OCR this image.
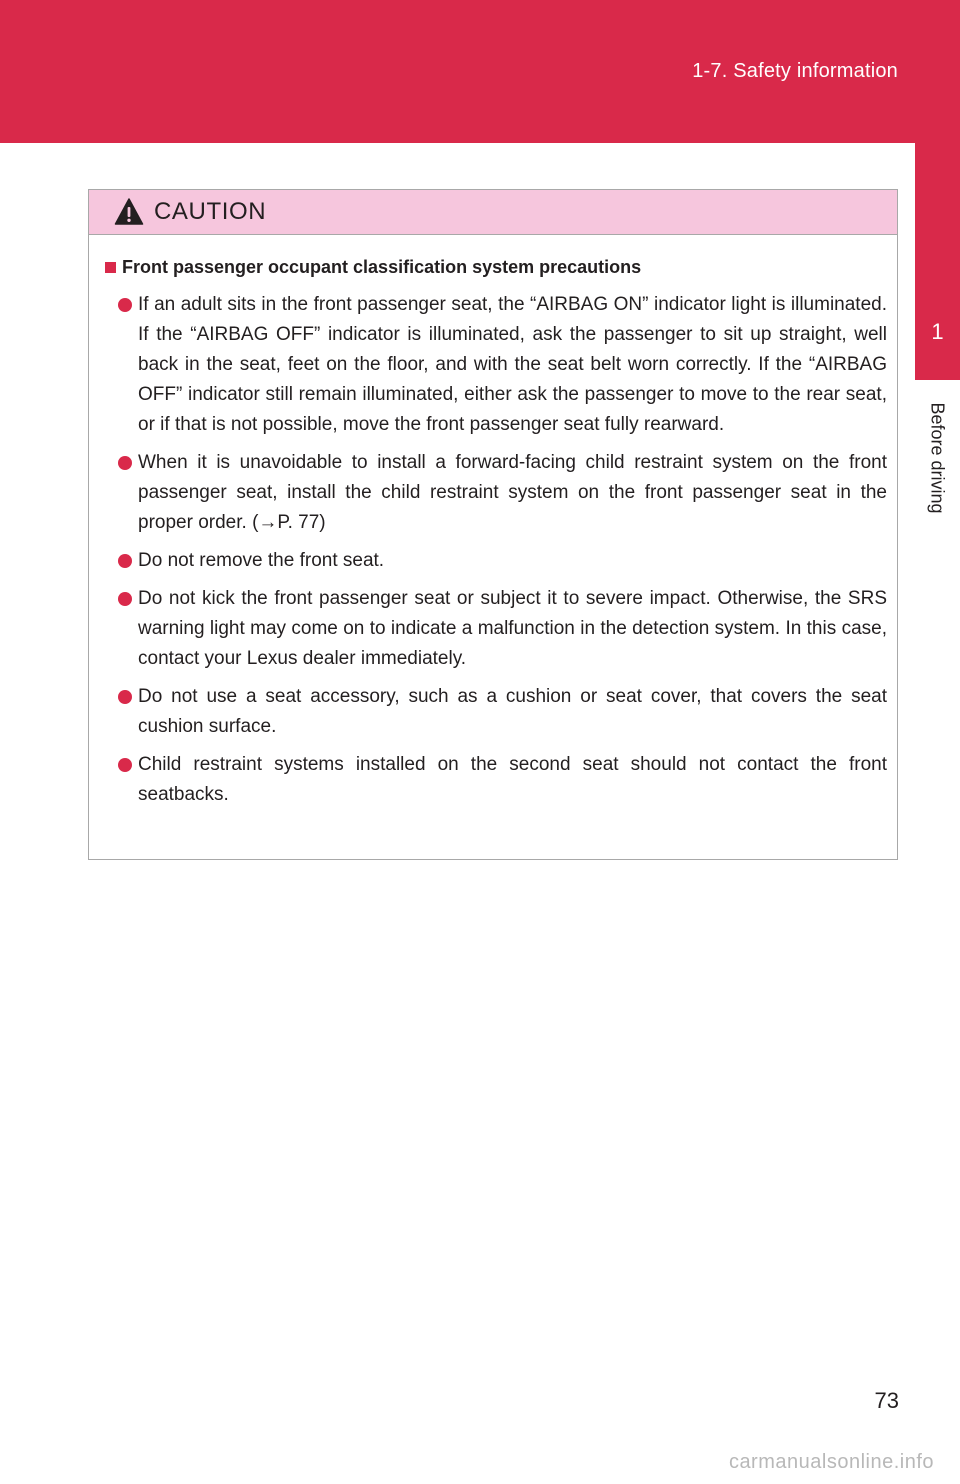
1-7. Safety information
1
Before driving
CAUTION
Front passenger occupant classification system precautions
If an adult sits in the front passenger seat, the “AIRBAG ON” indicator light is illuminated. If the “AIRBAG OFF” indicator is illuminated, ask the passenger to sit up straight, well back in the seat, feet on the floor, and with the seat belt worn correctly. If the “AIRBAG OFF” indicator still remain illuminated, either ask the passenger to move to the rear seat, or if that is not possible, move the front passenger seat fully rearward.
When it is unavoidable to install a forward-facing child restraint system on the front passenger seat, install the child restraint system on the front passenger seat in the proper order. (→P. 77)
Do not remove the front seat.
Do not kick the front passenger seat or subject it to severe impact. Otherwise, the SRS warning light may come on to indicate a malfunction in the detection system. In this case, contact your Lexus dealer immediately.
Do not use a seat accessory, such as a cushion or seat cover, that covers the seat cushion surface.
Child restraint systems installed on the second seat should not contact the front seatbacks.
73
carmanualsonline.info
